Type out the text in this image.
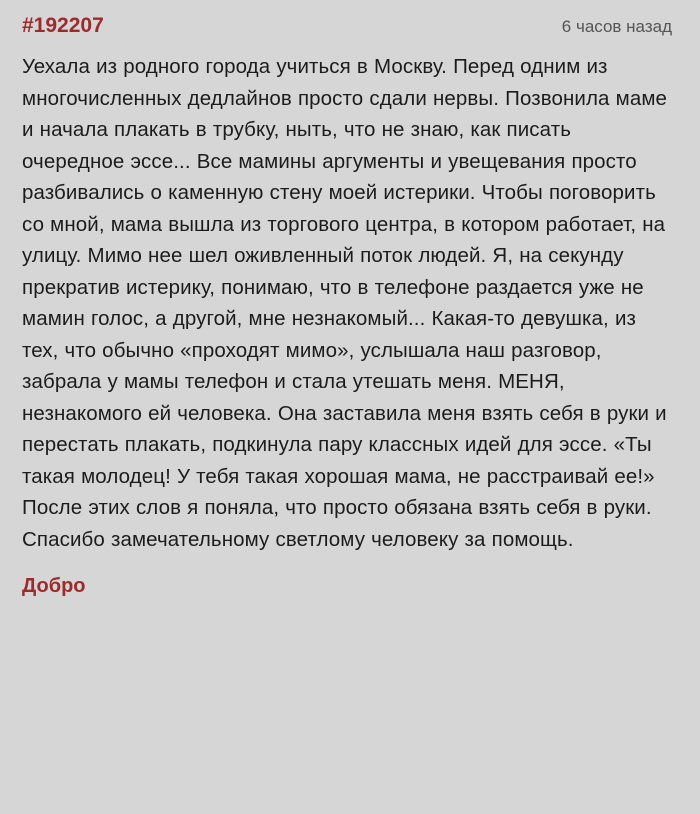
#192207	6 часов назад
Уехала из родного города учиться в Москву. Перед одним из многочисленных дедлайнов просто сдали нервы. Позвонила маме и начала плакать в трубку, ныть, что не знаю, как писать очередное эссе... Все мамины аргументы и увещевания просто разбивались о каменную стену моей истерики. Чтобы поговорить со мной, мама вышла из торгового центра, в котором работает, на улицу. Мимо нее шел оживленный поток людей. Я, на секунду прекратив истерику, понимаю, что в телефоне раздается уже не мамин голос, а другой, мне незнакомый... Какая-то девушка, из тех, что обычно «проходят мимо», услышала наш разговор, забрала у мамы телефон и стала утешать меня. МЕНЯ, незнакомого ей человека. Она заставила меня взять себя в руки и перестать плакать, подкинула пару классных идей для эссе. «Ты такая молодец! У тебя такая хорошая мама, не расстраивай ее!» После этих слов я поняла, что просто обязана взять себя в руки. Спасибо замечательному светлому человеку за помощь.
Добро
